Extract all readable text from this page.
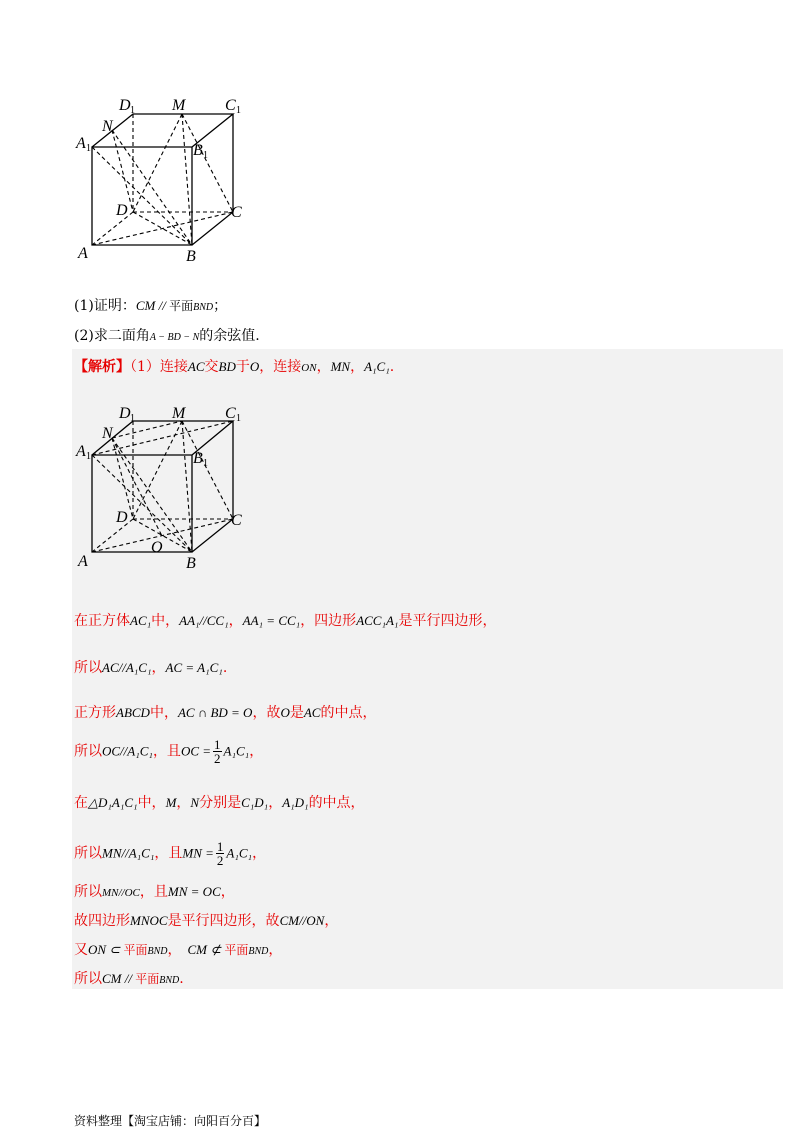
D 1 M C 1
N
A 1	B 1
D	C
A	B
(1)证明：CM // 平面BND；
(2)求二面角A − BD − N的余弦值.
【解析】（1）连接AC交BD于O，连接ON，MN，A₁C₁.
D 1 M C 1
N
A 1	B 1
D	C
O
A	B
在正方体AC₁中，AA₁//CC₁，AA₁ = CC₁，四边形ACC₁A₁是平行四边形，
所以AC//A₁C₁，AC = A₁C₁.
正方形ABCD中，AC ∩ BD = O，故O是AC的中点，
所以OC//A₁C₁，且OC = $\frac{1}{2} A_1C_1$，
在△D₁A₁C₁中，M，N分别是C₁D₁，A₁D₁的中点，
所以MN//A₁C₁，且MN = $\frac{1}{2} A_1C_1$，
所以MN//OC，且MN = OC，
故四边形MNOC是平行四边形，故CM//ON，
又ON ⊂ 平面BND， CM ⊄ 平面BND，
所以CM // 平面BND.
资料整理【淘宝店铺：向阳百分百】
